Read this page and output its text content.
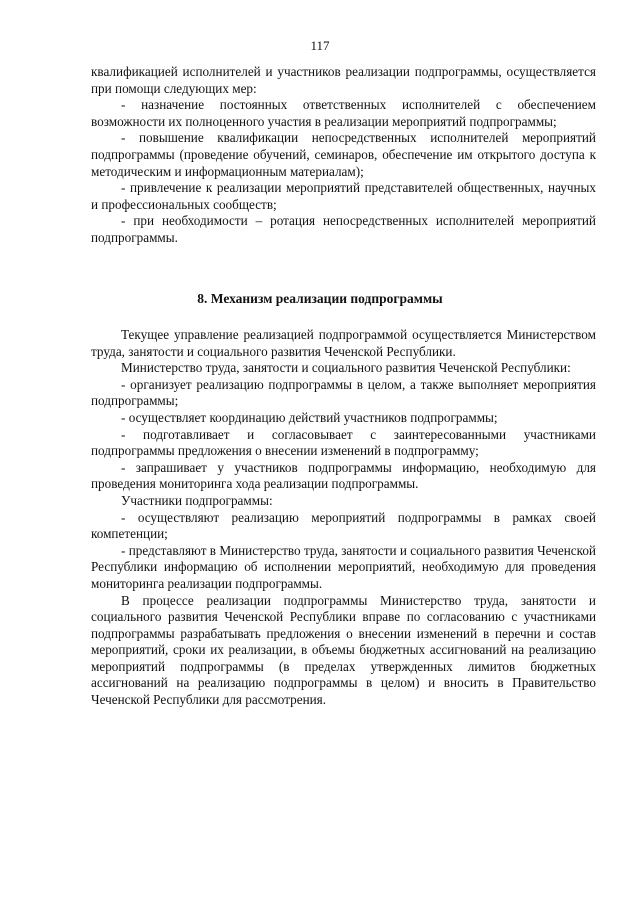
117

квалификацией исполнителей и участников реализации подпрограммы, осуществляется при помощи следующих мер:

- назначение постоянных ответственных исполнителей с обеспечением возможности их полноценного участия в реализации мероприятий подпрограммы;

- повышение квалификации непосредственных исполнителей мероприятий подпрограммы (проведение обучений, семинаров, обеспечение им открытого доступа к методическим и информационным материалам);

- привлечение к реализации мероприятий представителей общественных, научных и профессиональных сообществ;

- при необходимости – ротация непосредственных исполнителей мероприятий подпрограммы.

8. Механизм реализации подпрограммы

Текущее управление реализацией подпрограммой осуществляется Министерством труда, занятости и социального развития Чеченской Республики.

Министерство труда, занятости и социального развития Чеченской Республики:

- организует реализацию подпрограммы в целом, а также выполняет мероприятия подпрограммы;

- осуществляет координацию действий участников подпрограммы;

- подготавливает и согласовывает с заинтересованными участниками подпрограммы предложения о внесении изменений в подпрограмму;

- запрашивает у участников подпрограммы информацию, необходимую для проведения мониторинга хода реализации подпрограммы.

Участники подпрограммы:

- осуществляют реализацию мероприятий подпрограммы в рамках своей компетенции;

- представляют в Министерство труда, занятости и социального развития Чеченской Республики информацию об исполнении мероприятий, необходимую для проведения мониторинга реализации подпрограммы.

В процессе реализации подпрограммы Министерство труда, занятости и социального развития Чеченской Республики вправе по согласованию с участниками подпрограммы разрабатывать предложения о внесении изменений в перечни и состав мероприятий, сроки их реализации, в объемы бюджетных ассигнований на реализацию мероприятий подпрограммы (в пределах утвержденных лимитов бюджетных ассигнований на реализацию подпрограммы в целом) и вносить в Правительство Чеченской Республики для рассмотрения.
